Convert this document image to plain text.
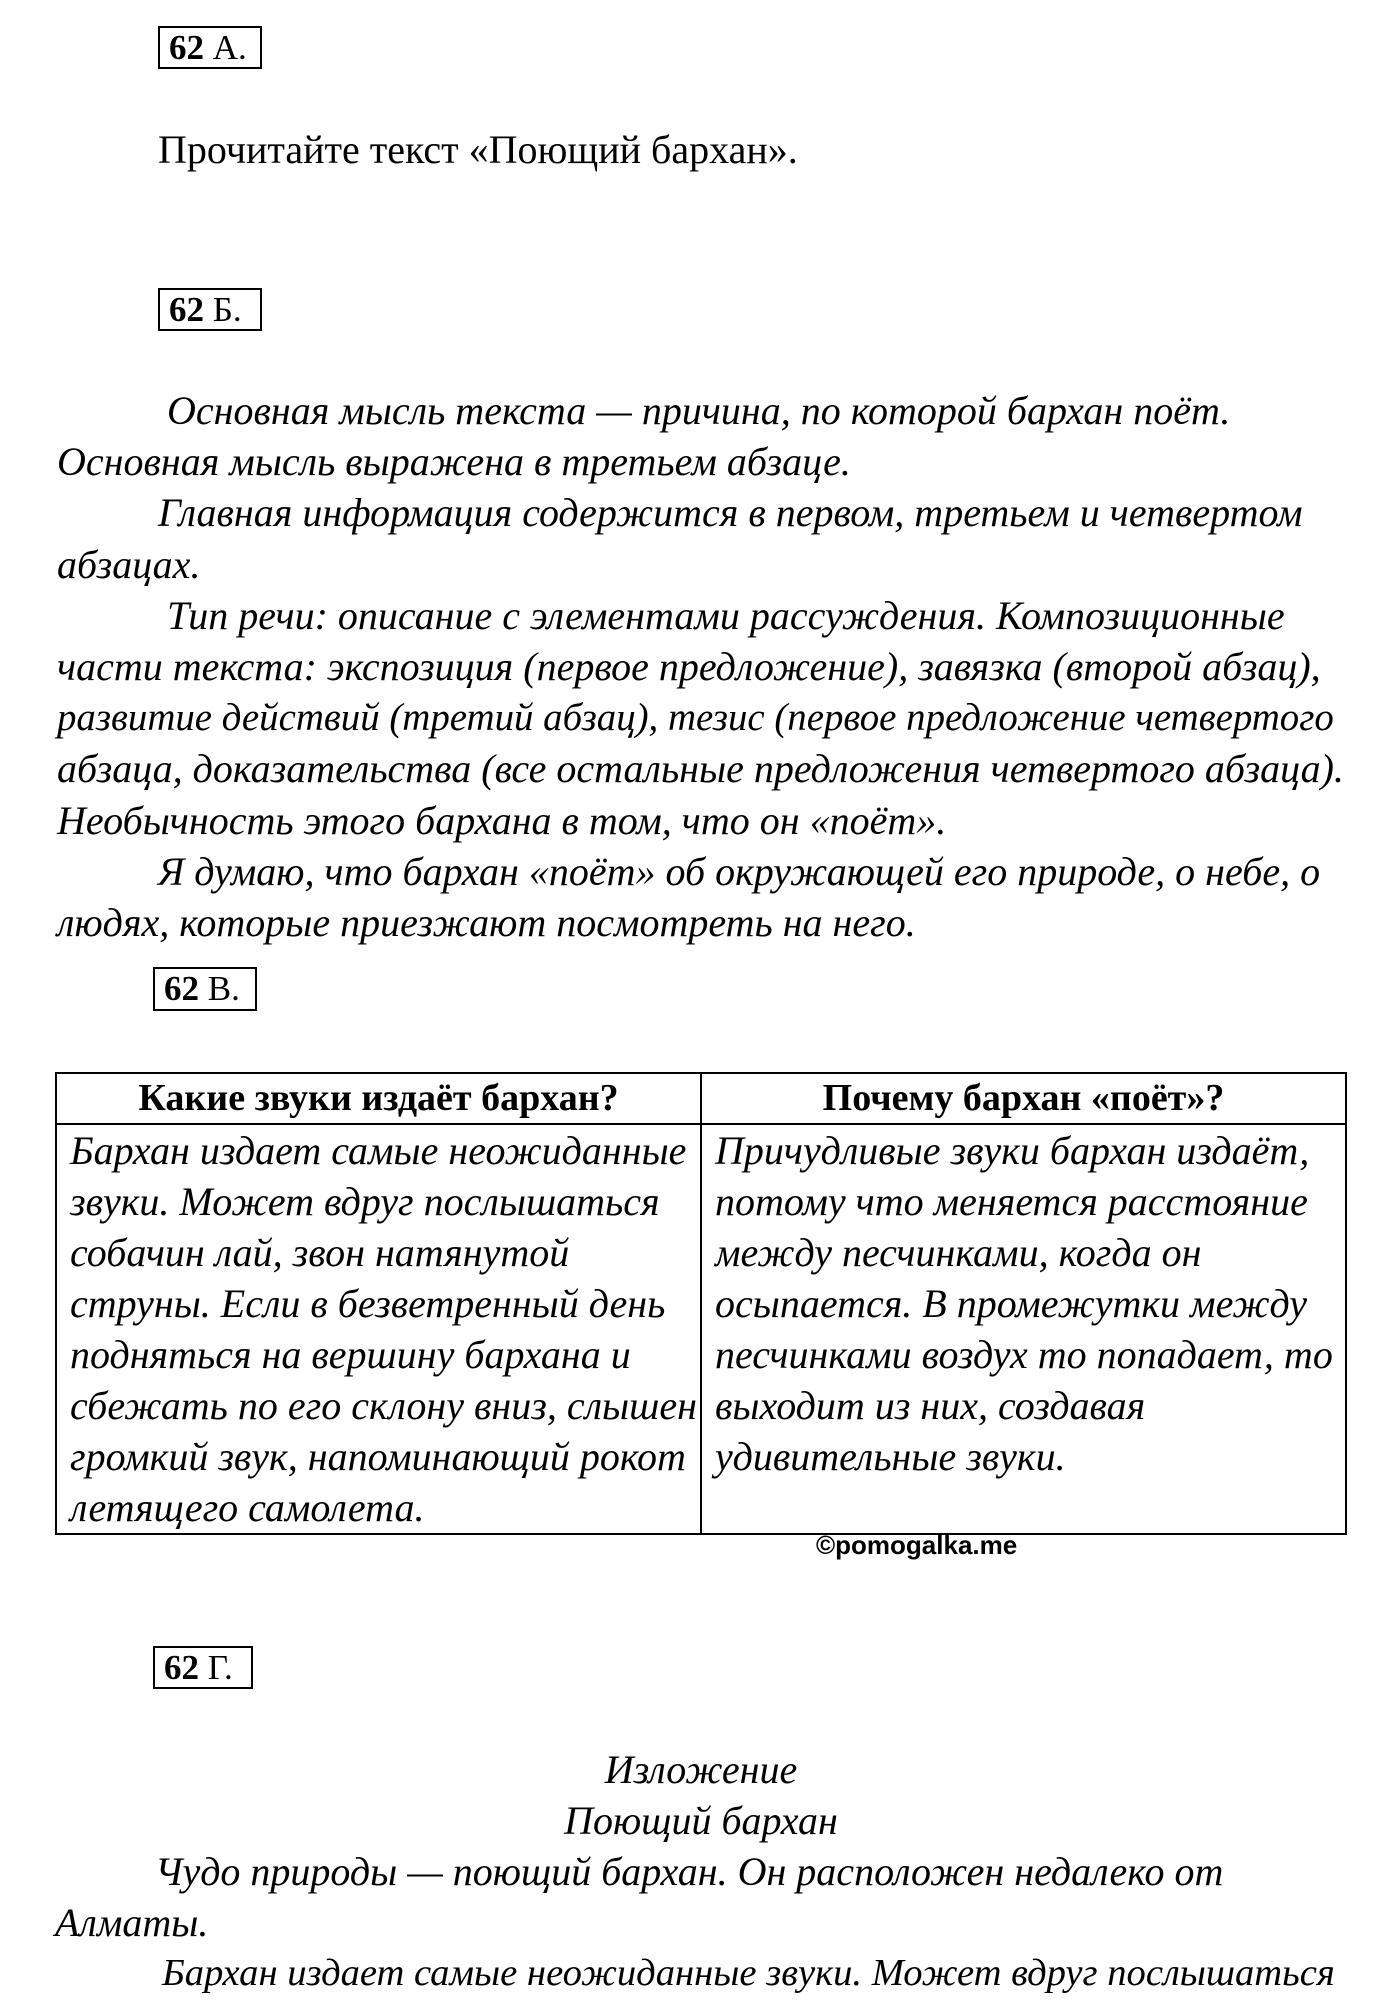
62 А.
Прочитайте текст «Поющий бархан».
62 Б.
Основная мысль текста — причина, по которой бархан поёт.
Основная мысль выражена в третьем абзаце.
Главная информация содержится в первом, третьем и четвертом
абзацах.
Тип речи: описание с элементами рассуждения. Композиционные
части текста: экспозиция (первое предложение), завязка (второй абзац),
развитие действий (третий абзац), тезис (первое предложение четвертого
абзаца, доказательства (все остальные предложения четвертого абзаца).
Необычность этого бархана в том, что он «поёт».
Я думаю, что бархан «поёт» об окружающей его природе, о небе, о
людях, которые приезжают посмотреть на него.
62 В.
Какие звуки издаёт бархан?	Почему бархан «поёт»?
Бархан издает самые неожиданные
звуки. Может вдруг послышаться
собачин лай, звон натянутой
струны. Если в безветренный день
подняться на вершину бархана и
сбежать по его склону вниз, слышен
громкий звук, напоминающий рокот
летящего самолета.
Причудливые звуки бархан издаёт,
потому что меняется расстояние
между песчинками, когда он
осыпается. В промежутки между
песчинками воздух то попадает, то
выходит из них, создавая
удивительные звуки.
©pomogalka.me
62 Г.
Изложение
Поющий бархан
Чудо природы — поющий бархан. Он расположен недалеко от
Алматы.
Бархан издает самые неожиданные звуки. Может вдруг послышаться
